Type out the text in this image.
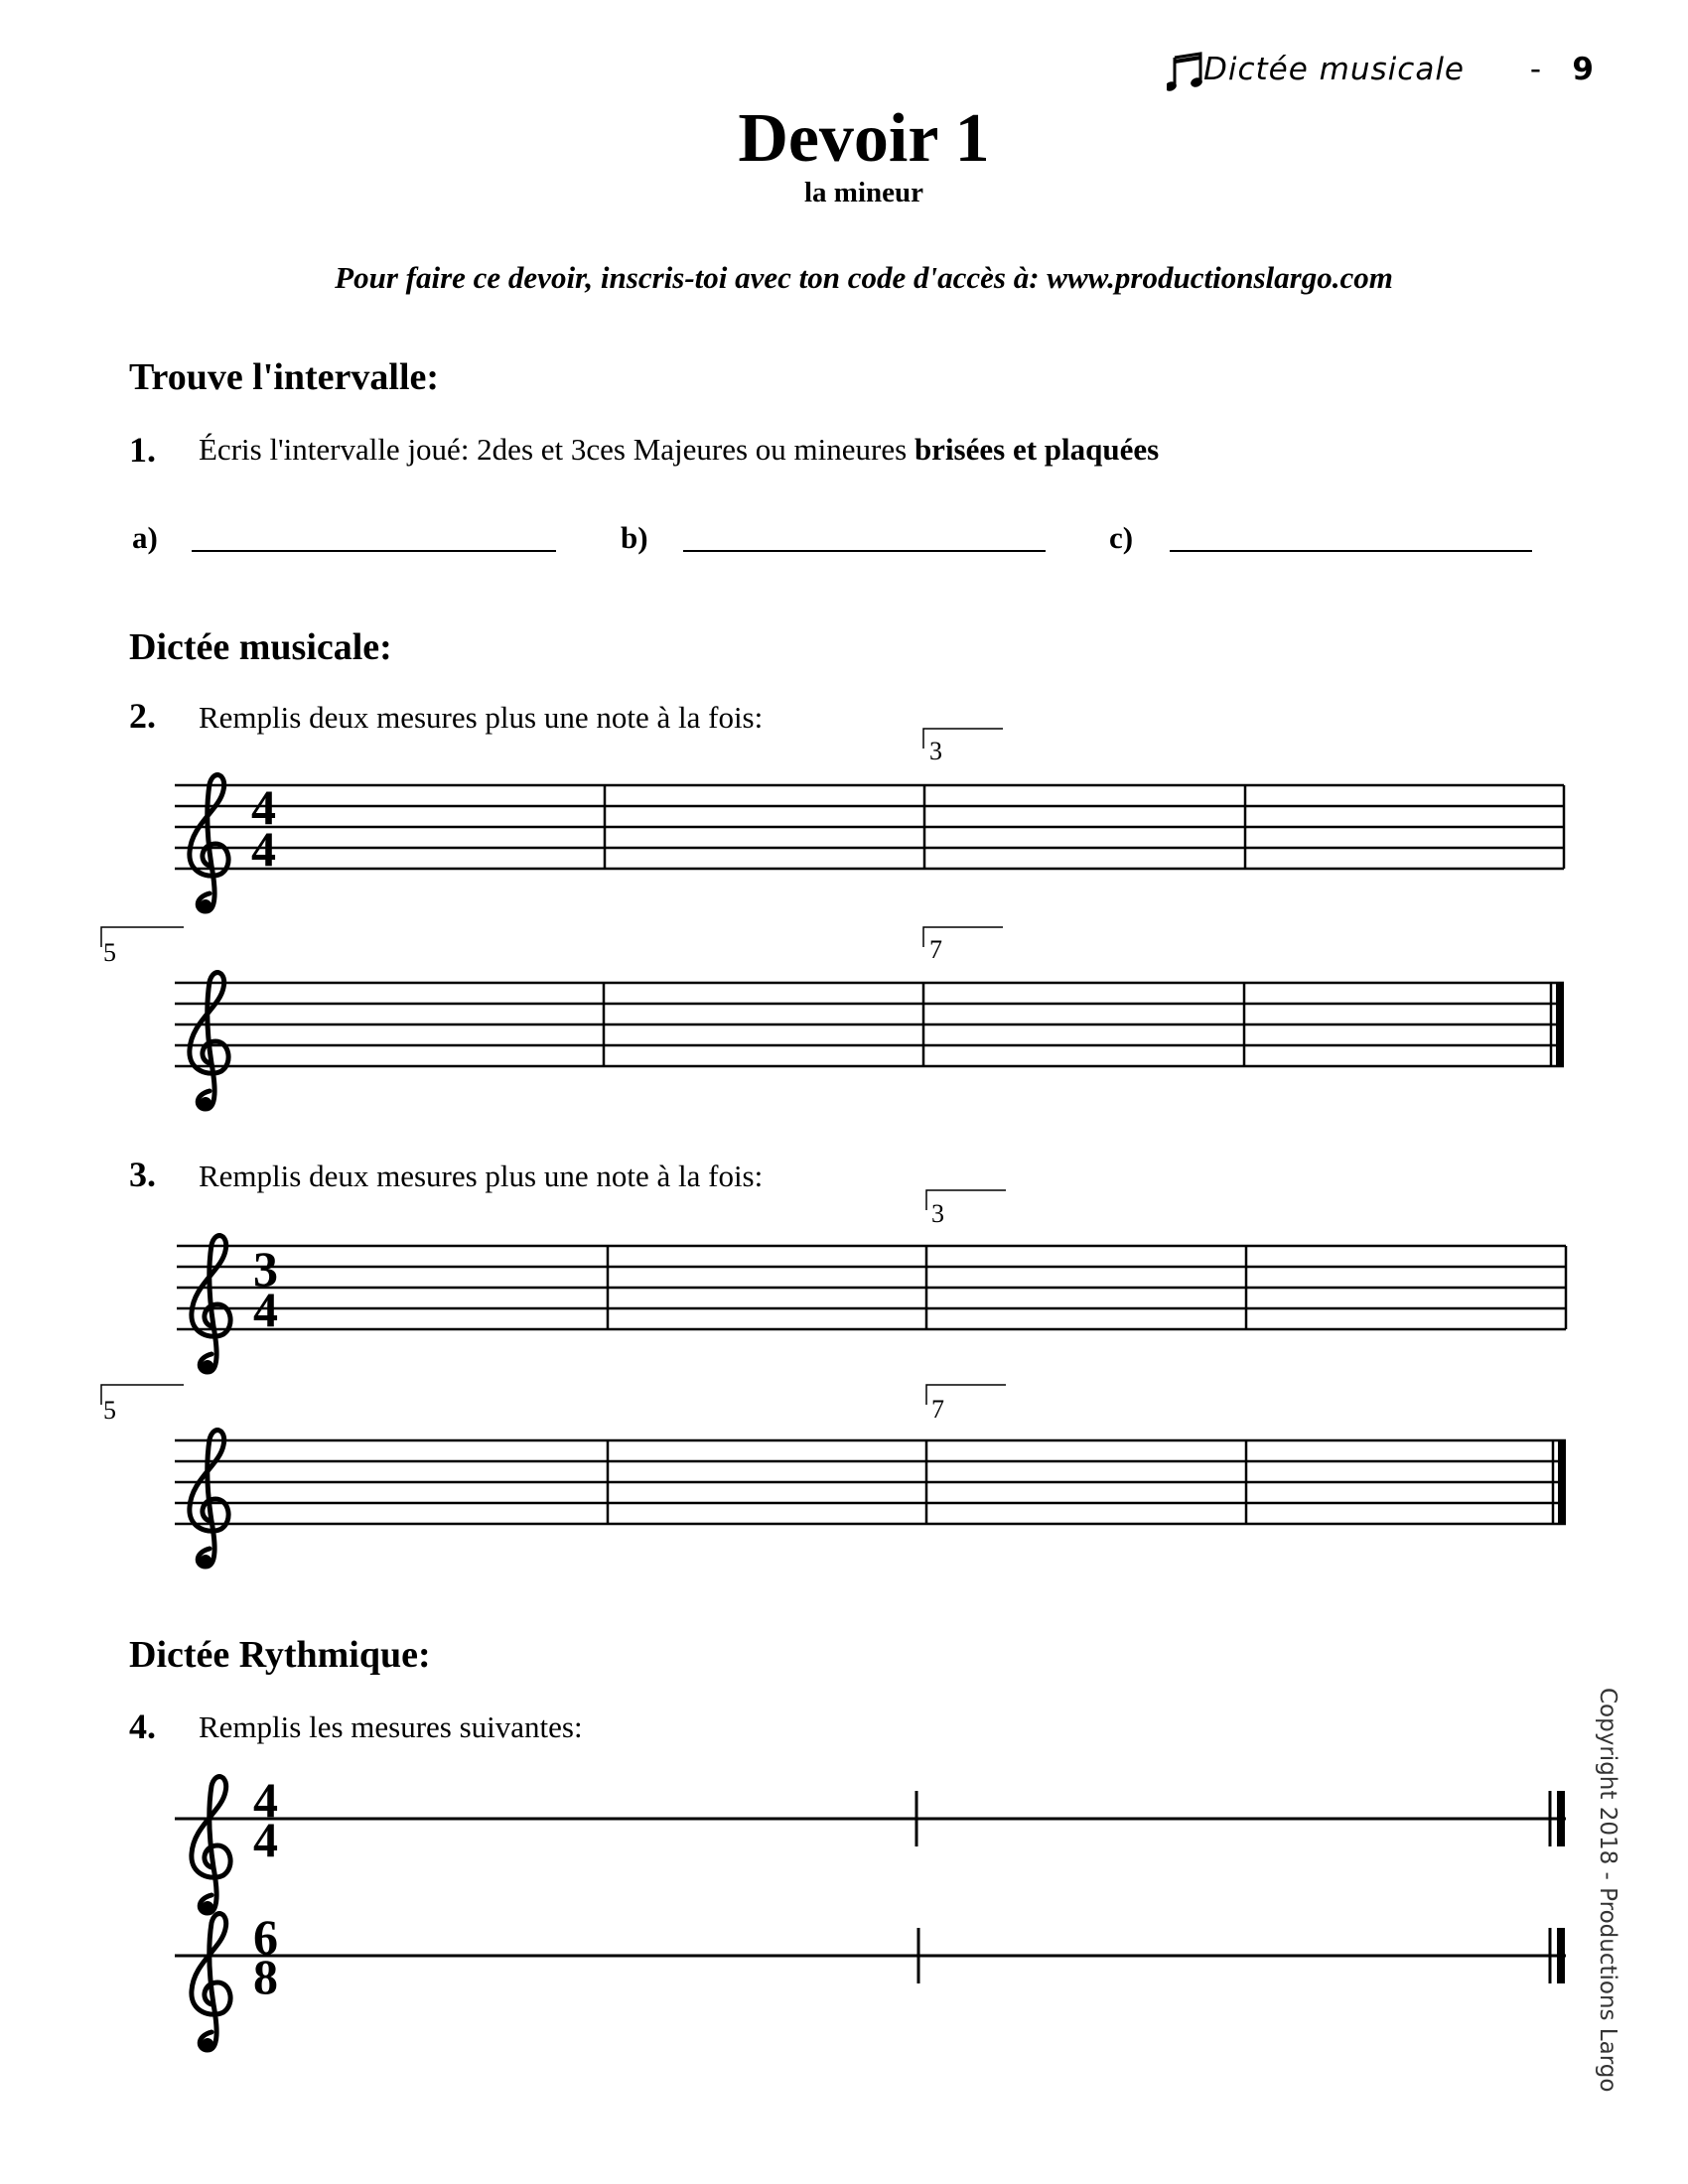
Dictée musicale - 9
Devoir 1
la mineur
Pour faire ce devoir, inscris-toi avec ton code d'accès à: www.productionslargo.com
Trouve l'intervalle:
1. Écris l'intervalle joué: 2des et 3ces Majeures ou mineures brisées et plaquées
a)	b)	c)
Dictée musicale:
2. Remplis deux mesures plus une note à la fois:
3
4
4
5	7
3. Remplis deux mesures plus une note à la fois:
3
3
4
5	7
Dictée Rythmique:
4. Remplis les mesures suivantes:
4
4
6
8	Copyright 2018 - Productions Largo
